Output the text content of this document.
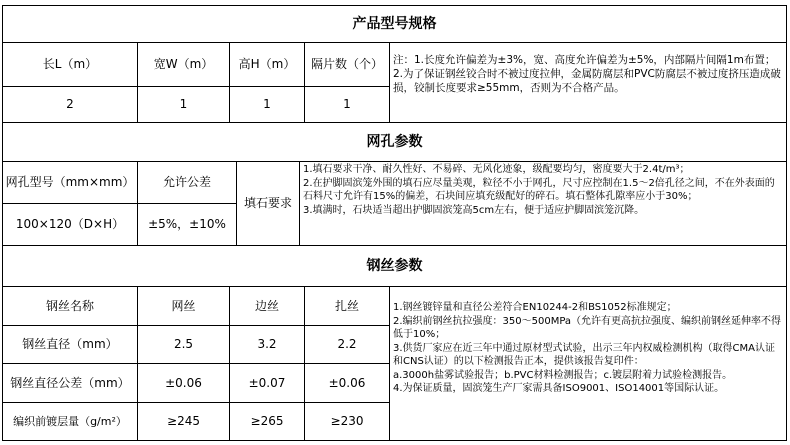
产品型号规格
长L（m）	宽W（m）	高H（m）	隔片数（个）
2	1	1	1
注：1.长度允许偏差为±3%，宽、高度允许偏差为±5%，内部隔片间隔1m布置；
2.为了保证钢丝铰合时不被过度拉伸，金属防腐层和PVC防腐层不被过度挤压造成破损，铰制长度要求≥55mm，否则为不合格产品。
网孔参数
网孔型号（mm×mm）	允许公差
100×120（D×H）	±5%，±10%
填石要求
1.填石要求干净、耐久性好、不易碎、无风化迹象，级配要均匀，密度要大于2.4t/m³；
2.在护脚固滨笼外围的填石应尽量美观，粒径不小于网孔，尺寸应控制在1.5～2倍孔径之间，不在外表面的石料尺寸允许有15%的偏差，石块间应填充级配好的碎石。填石整体孔隙率应小于30%；
3.填满时，石块适当超出护脚固滨笼高5cm左右，便于适应护脚固滨笼沉降。
钢丝参数
钢丝名称	网丝	边丝	扎丝
钢丝直径（mm）	2.5	3.2	2.2
钢丝直径公差（mm）	±0.06	±0.07	±0.06
编织前镀层量（g/m²）	≥245	≥265	≥230
1.钢丝镀锌量和直径公差符合EN10244-2和BS1052标准规定；
2.编织前钢丝抗拉强度：350～500MPa（允许有更高抗拉强度、编织前钢丝延伸率不得低于10%；
3.供货厂家应在近三年中通过原材型式试验，出示三年内权威检测机构（取得CMA认证和CNS认证）的以下检测报告正本，提供该报告复印件：
a.3000h盐雾试验报告；b.PVC材料检测报告；c.镀层附着力试验检测报告。
4.为保证质量，固滨笼生产厂家需具备ISO9001、ISO14001等国际认证。
